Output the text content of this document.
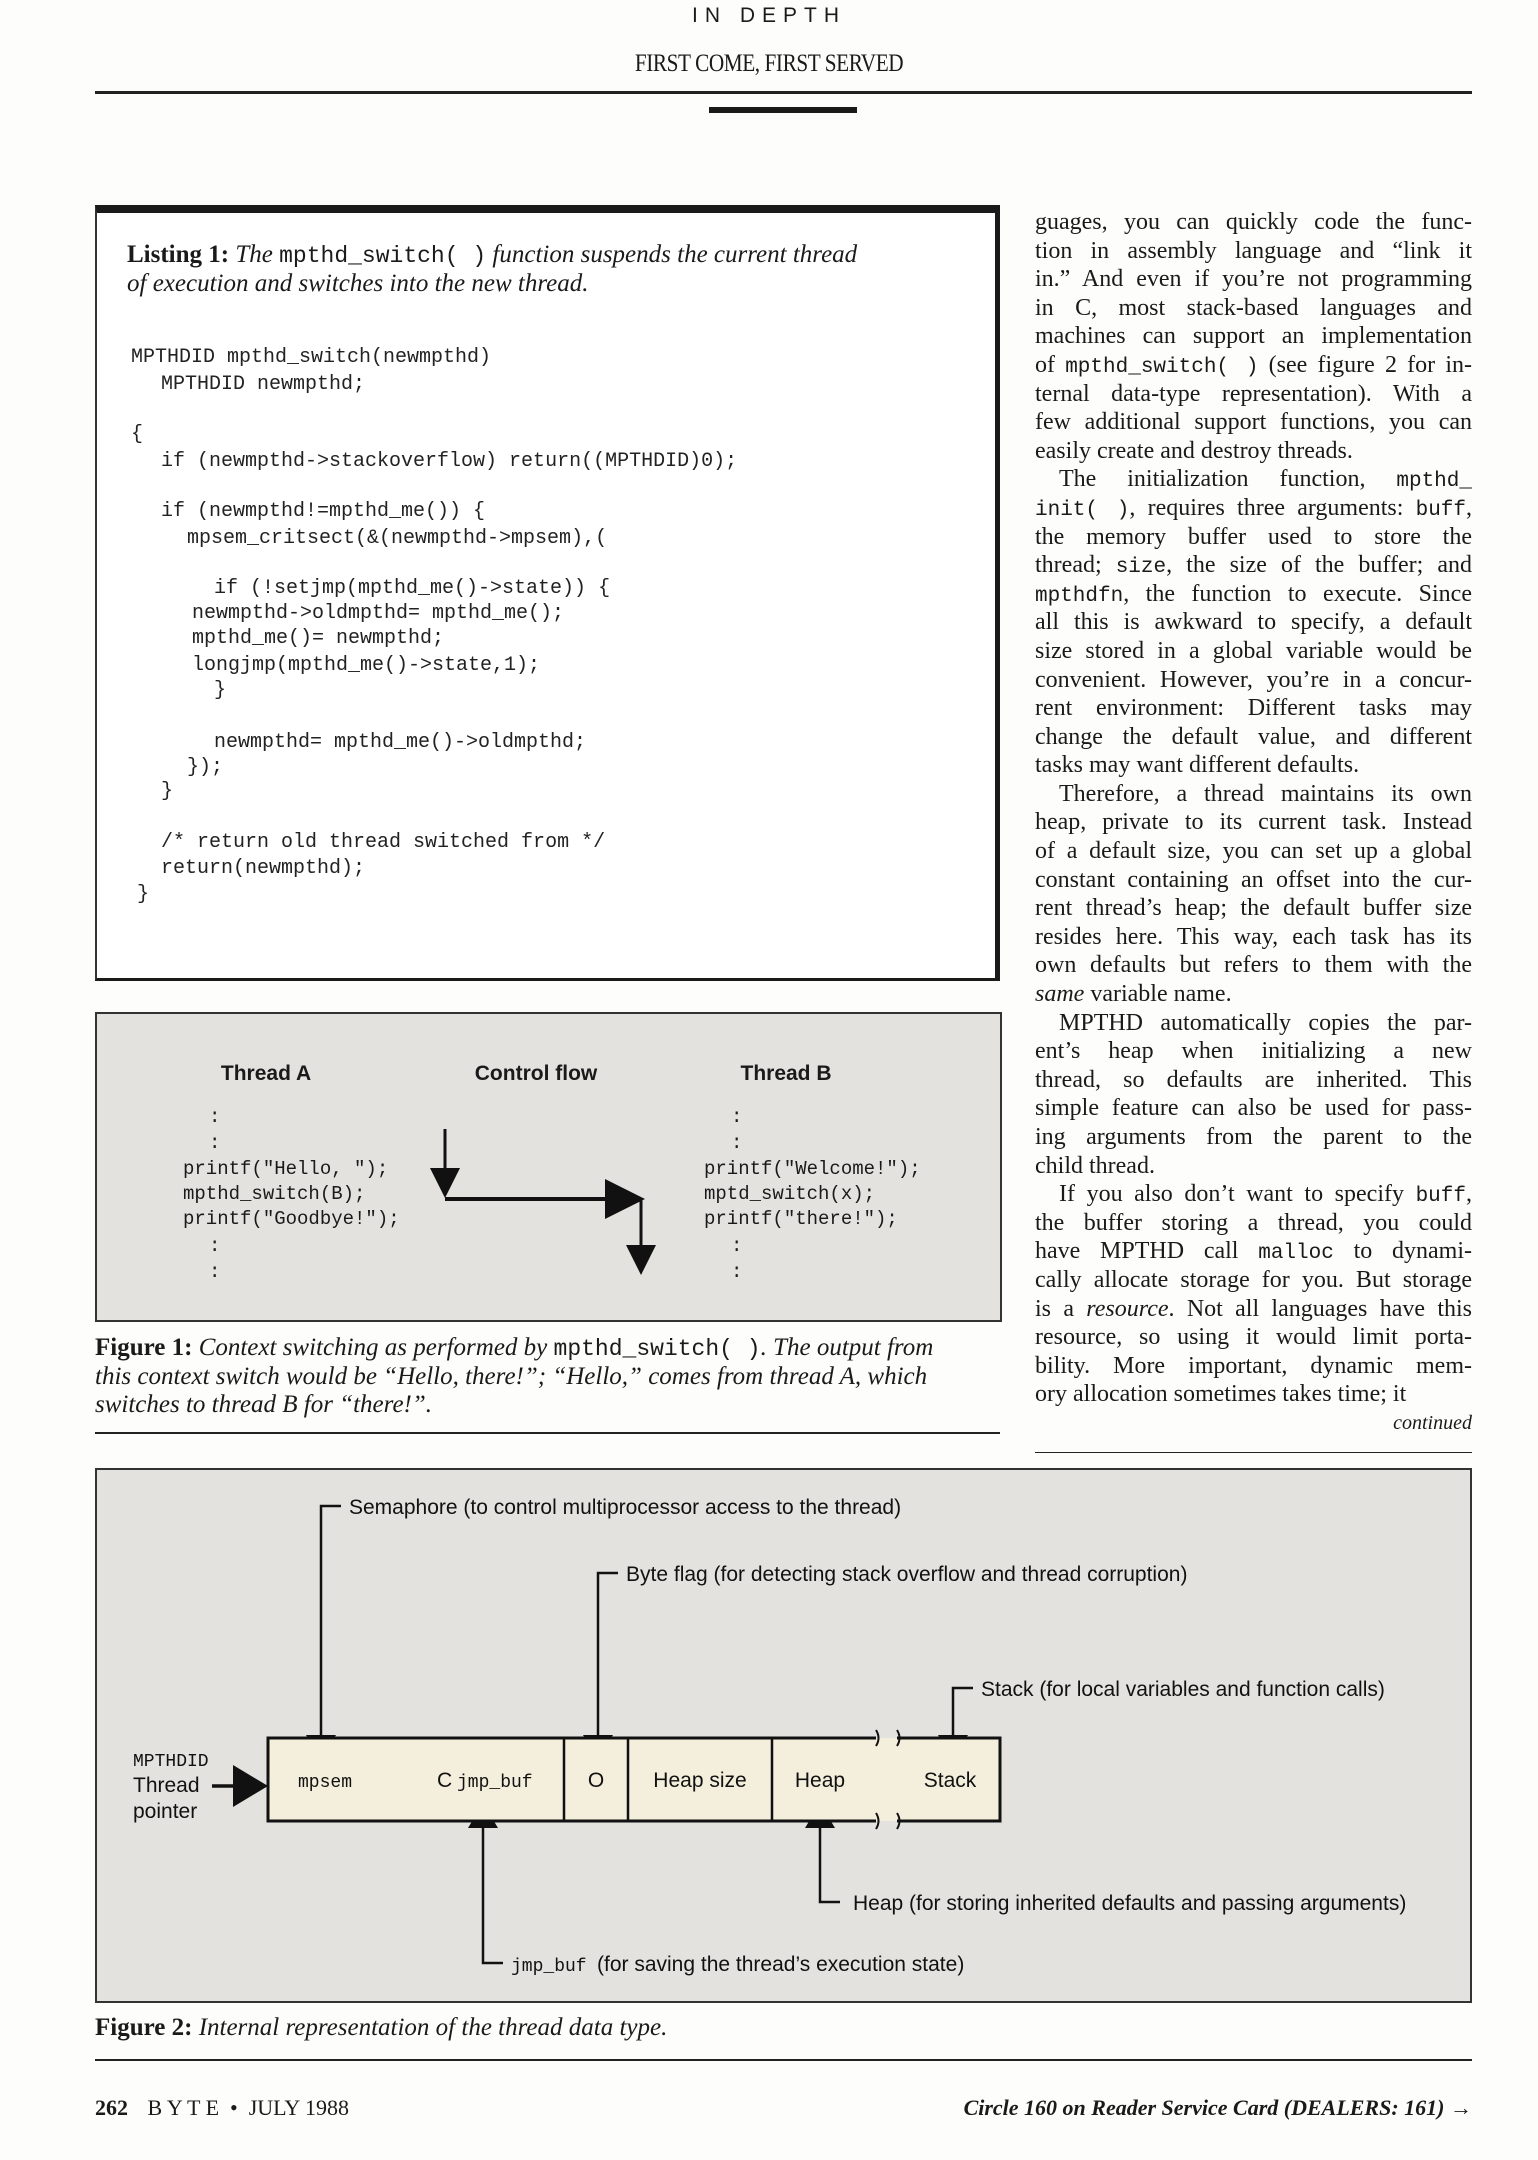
IN DEPTH
FIRST COME, FIRST SERVED
Listing 1: The mpthd_switch( ) function suspends the current thread
of execution and switches into the new thread.
MPTHDID mpthd_switch(newmpthd)
MPTHDID newmpthd;
{
if (newmpthd->stackoverflow) return((MPTHDID)0);
if (newmpthd!=mpthd_me()) {
mpsem_critsect(&(newmpthd->mpsem),(
if (!setjmp(mpthd_me()->state)) {
newmpthd->oldmpthd= mpthd_me();
mpthd_me()= newmpthd;
longjmp(mpthd_me()->state,1);
}
newmpthd= mpthd_me()->oldmpthd;
});
}
/* return old thread switched from */
return(newmpthd);
}
Thread A	Control flow	Thread B
:
:
printf("Hello, ");
mpthd_switch(B);
printf("Goodbye!");
:
:
:
:
printf("Welcome!");
mptd_switch(x);
printf("there!");
:
:
Figure 1: Context switching as performed by mpthd_switch( ). The output from
this context switch would be “Hello, there!”; “Hello,” comes from thread A, which
switches to thread B for “there!”.
guages, you can quickly code the func-
tion in assembly language and “link it
in.” And even if you’re not programming
in C, most stack-based languages and
machines can support an implementation
of mpthd_switch( ) (see figure 2 for in-
ternal data-type representation). With a
few additional support functions, you can
easily create and destroy threads.
The initialization function, mpthd_
init( ), requires three arguments: buff,
the memory buffer used to store the
thread; size, the size of the buffer; and
mpthdfn, the function to execute. Since
all this is awkward to specify, a default
size stored in a global variable would be
convenient. However, you’re in a concur-
rent environment: Different tasks may
change the default value, and different
tasks may want different defaults.
Therefore, a thread maintains its own
heap, private to its current task. Instead
of a default size, you can set up a global
constant containing an offset into the cur-
rent thread’s heap; the default buffer size
resides here. This way, each task has its
own defaults but refers to them with the
same variable name.
MPTHD automatically copies the par-
ent’s heap when initializing a new
thread, so defaults are inherited. This
simple feature can also be used for pass-
ing arguments from the parent to the
child thread.
If you also don’t want to specify buff,
the buffer storing a thread, you could
have MPTHD call malloc to dynami-
cally allocate storage for you. But storage
is a resource. Not all languages have this
resource, so using it would limit porta-
bility. More important, dynamic mem-
ory allocation sometimes takes time; it
continued
Semaphore (to control multiprocessor access to the thread)
Byte flag (for detecting stack overflow and thread corruption)
Stack (for local variables and function calls)
MPTHDID
Thread
pointer
mpsem	C jmp_buf	O Heap size Heap	Stack
Heap (for storing inherited defaults and passing arguments)
jmp_buf (for saving the thread’s execution state)
Figure 2: Internal representation of the thread data type.
262 B Y T E  •  JULY 1988	Circle 160 on Reader Service Card (DEALERS: 161) →
